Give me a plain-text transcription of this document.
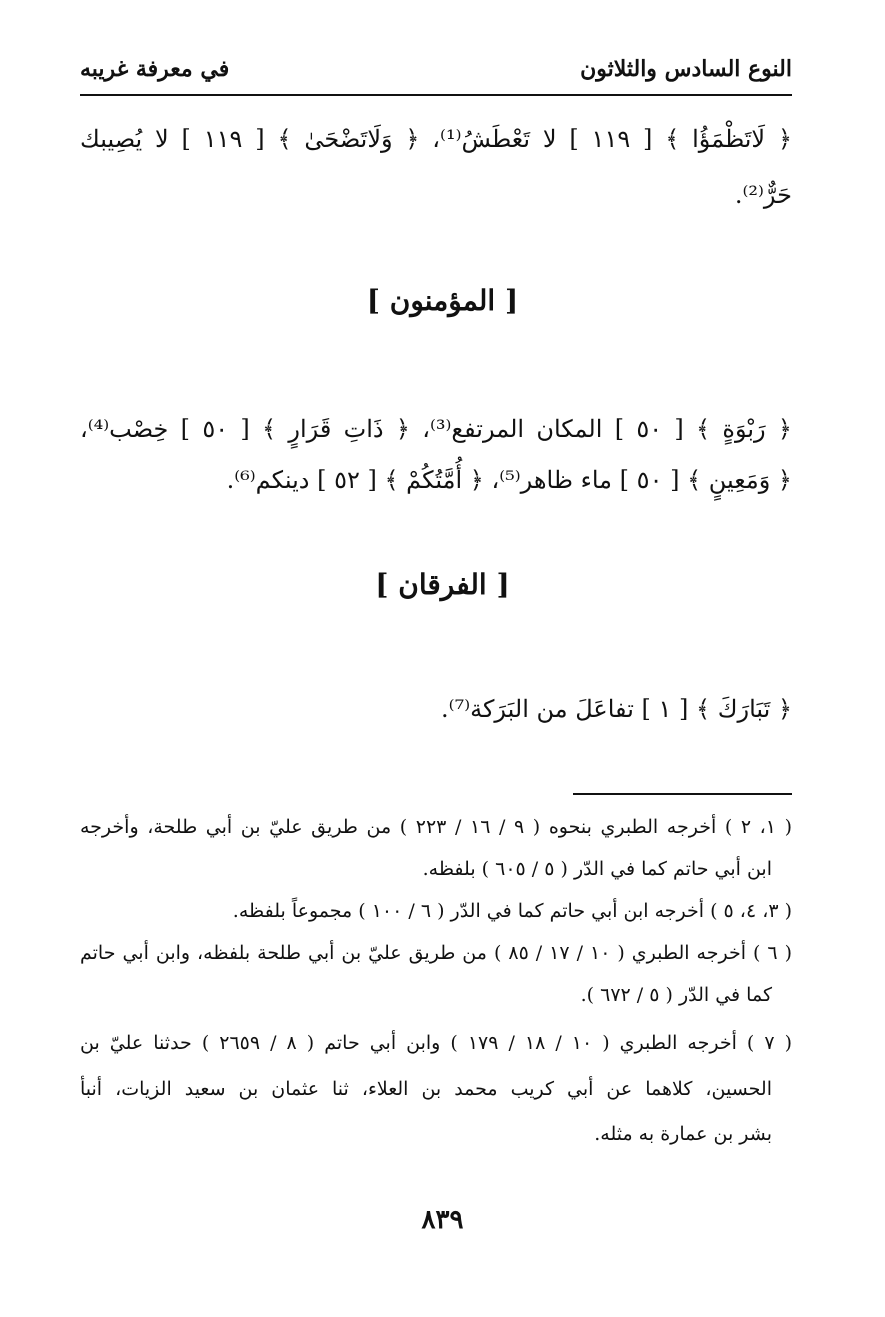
في معرفة غريبه	النوع السادس والثلاثون
﴿ لَاتَظْمَؤُا ﴾ [ ١١٩ ] لا تَعْطَشُ⁽¹⁾، ﴿ وَلَاتَضْحَىٰ ﴾ [ ١١٩ ] لا يُصِيبك
حَرٌّ⁽²⁾.
[ المؤمنون ]
﴿ رَبْوَةٍ ﴾ [ ٥٠ ] المكان المرتفع⁽³⁾، ﴿ ذَاتِ قَرَارٍ ﴾ [ ٥٠ ] خِصْب⁽⁴⁾،
﴿ وَمَعِينٍ ﴾ [ ٥٠ ] ماء ظاهر⁽⁵⁾، ﴿ أُمَّتُكُمْ ﴾ [ ٥٢ ] دينكم⁽⁶⁾.
[ الفرقان ]
﴿ تَبَارَكَ ﴾ [ ١ ] تفاعَلَ من البَرَكة⁽⁷⁾.
( ١، ٢ ) أخرجه الطبري بنحوه ( ٩ / ١٦ / ٢٢٣ ) من طريق عليّ بن أبي طلحة، وأخرجه
ابن أبي حاتم كما في الدّر ( ٥ / ٦٠٥ ) بلفظه.
( ٣، ٤، ٥ ) أخرجه ابن أبي حاتم كما في الدّر ( ٦ / ١٠٠ ) مجموعاً بلفظه.
( ٦ ) أخرجه الطبري ( ١٠ / ١٧ / ٨٥ ) من طريق عليّ بن أبي طلحة بلفظه، وابن أبي حاتم
كما في الدّر ( ٥ / ٦٧٢ ).
( ٧ ) أخرجه الطبري ( ١٠ / ١٨ / ١٧٩ ) وابن أبي حاتم ( ٨ / ٢٦٥٩ ) حدثنا عليّ بن
الحسين، كلاهما عن أبي كريب محمد بن العلاء، ثنا عثمان بن سعيد الزيات، أنبأ
بشر بن عمارة به مثله.
٨٣٩
